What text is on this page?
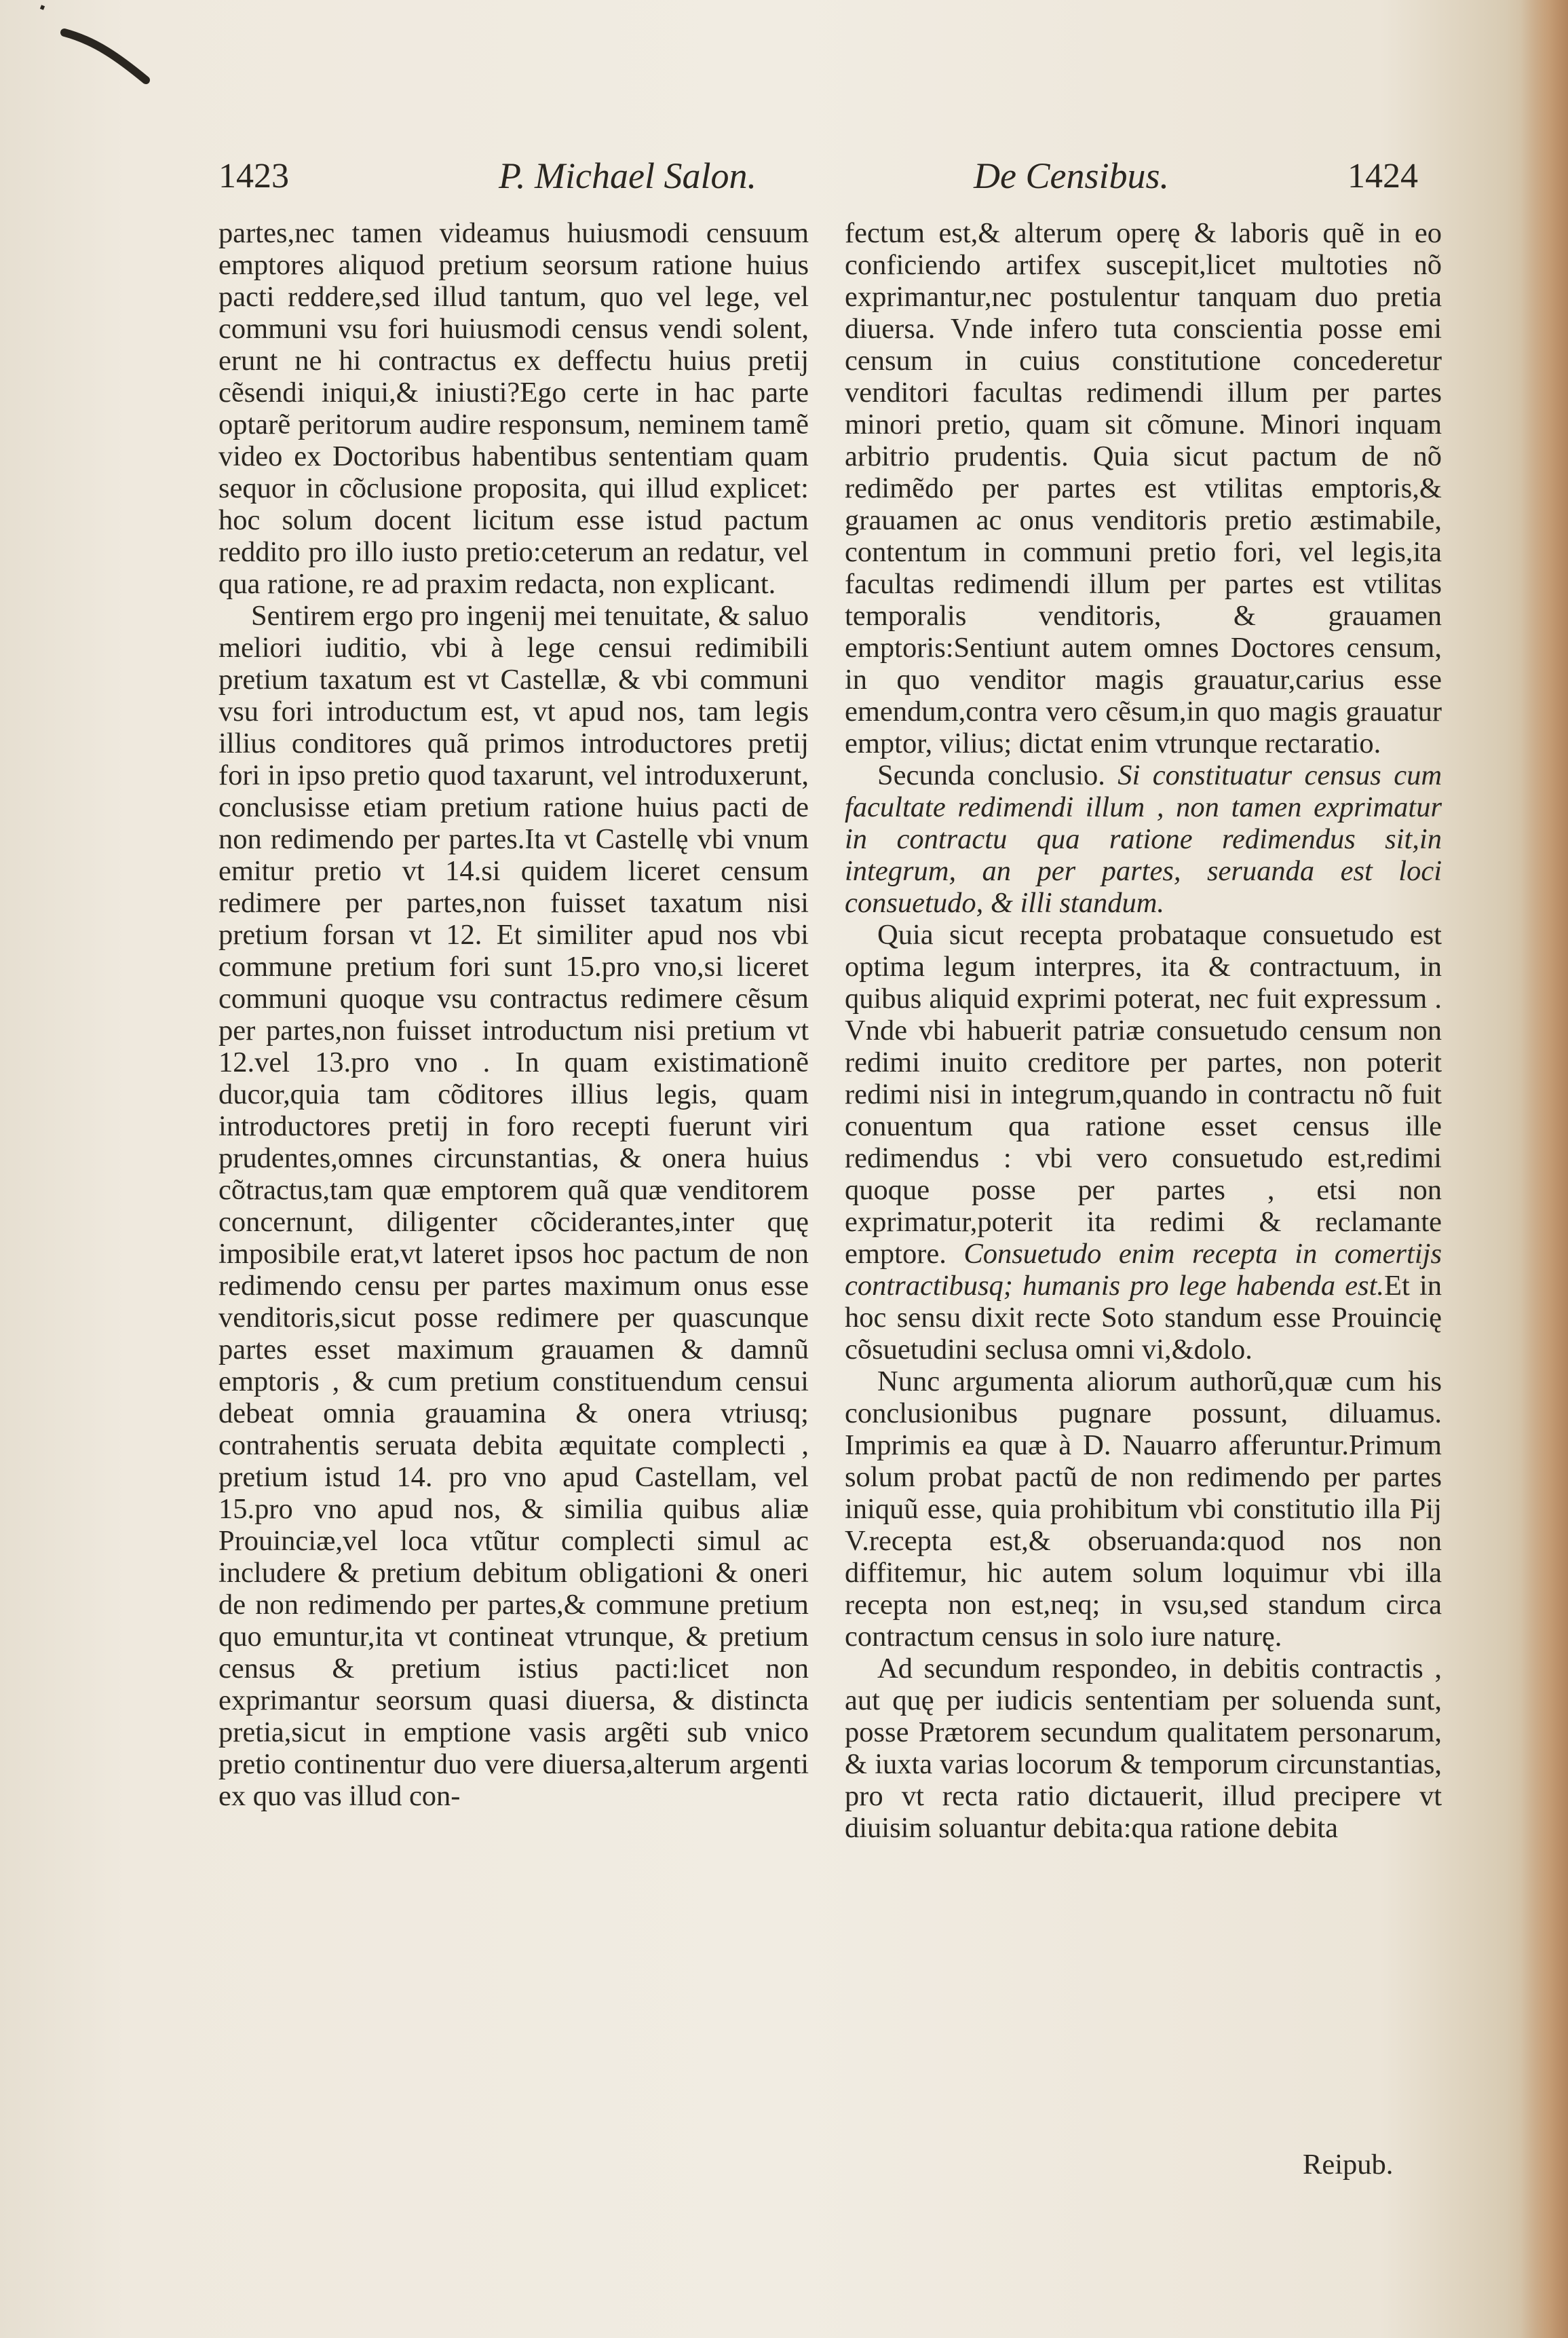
1423	P. Michael Salon.	De Censibus.	1424

partes,nec tamen videamus huiusmodi censuum emptores aliquod pretium seorsum ratione huius pacti reddere,sed illud tantum, quo vel lege, vel communi vsu fori huiusmodi census vendi solent, erunt ne hi contractus ex deffectu huius pretij cẽsendi iniqui,& iniusti?Ego certe in hac parte optarẽ peritorum audire responsum, neminem tamẽ video ex Doctoribus habentibus sententiam quam sequor in cõclusione proposita, qui illud explicet: hoc solum docent licitum esse istud pactum reddito pro illo iusto pretio:ceterum an redatur, vel qua ratione, re ad praxim redacta, non explicant.

Sentirem ergo pro ingenij mei tenuitate, & saluo meliori iuditio, vbi à lege censui redimibili pretium taxatum est vt Castellæ, & vbi communi vsu fori introductum est, vt apud nos, tam legis illius conditores quã primos introductores pretij fori in ipso pretio quod taxarunt, vel introduxerunt, conclusisse etiam pretium ratione huius pacti de non redimendo per partes.Ita vt Castellę vbi vnum emitur pretio vt 14.si quidem liceret censum redimere per partes,non fuisset taxatum nisi pretium forsan vt 12. Et similiter apud nos vbi commune pretium fori sunt 15.pro vno,si liceret communi quoque vsu contractus redimere cẽsum per partes,non fuisset introductum nisi pretium vt 12.vel 13.pro vno . In quam existimationẽ ducor,quia tam cõditores illius legis, quam introductores pretij in foro recepti fuerunt viri prudentes,omnes circunstantias, & onera huius cõtractus,tam quæ emptorem quã quæ venditorem concernunt, diligenter cõciderantes,inter quę imposibile erat,vt lateret ipsos hoc pactum de non redimendo censu per partes maximum onus esse venditoris,sicut posse redimere per quascunque partes esset maximum grauamen & damnũ emptoris , & cum pretium constituendum censui debeat omnia grauamina & onera vtriusq; contrahentis seruata debita æquitate complecti , pretium istud 14. pro vno apud Castellam, vel 15.pro vno apud nos, & similia quibus aliæ Prouinciæ,vel loca vtũtur complecti simul ac includere & pretium debitum obligationi & oneri de non redimendo per partes,& commune pretium quo emuntur,ita vt contineat vtrunque, & pretium census & pretium istius pacti:licet non exprimantur seorsum quasi diuersa, & distincta pretia,sicut in emptione vasis argẽti sub vnico pretio continentur duo vere diuersa,alterum argenti ex quo vas illud con-

fectum est,& alterum operę & laboris quẽ in eo conficiendo artifex suscepit,licet multoties nõ exprimantur,nec postulentur tanquam duo pretia diuersa. Vnde infero tuta conscientia posse emi censum in cuius constitutione concederetur venditori facultas redimendi illum per partes minori pretio, quam sit cõmune. Minori inquam arbitrio prudentis. Quia sicut pactum de nõ redimẽdo per partes est vtilitas emptoris,& grauamen ac onus venditoris pretio æstimabile, contentum in communi pretio fori, vel legis,ita facultas redimendi illum per partes est vtilitas temporalis venditoris, & grauamen emptoris:Sentiunt autem omnes Doctores censum, in quo venditor magis grauatur,carius esse emendum,contra vero cẽsum,in quo magis grauatur emptor, vilius; dictat enim vtrunque rectaratio.

Secunda conclusio. Si constituatur census cum facultate redimendi illum , non tamen exprimatur in contractu qua ratione redimendus sit,in integrum, an per partes, seruanda est loci consuetudo, & illi standum.

Quia sicut recepta probataque consuetudo est optima legum interpres, ita & contractuum, in quibus aliquid exprimi poterat, nec fuit expressum . Vnde vbi habuerit patriæ consuetudo censum non redimi inuito creditore per partes, non poterit redimi nisi in integrum,quando in contractu nõ fuit conuentum qua ratione esset census ille redimendus : vbi vero consuetudo est,redimi quoque posse per partes , etsi non exprimatur,poterit ita redimi & reclamante emptore. Consuetudo enim recepta in comertijs contractibusq; humanis pro lege habenda est.Et in hoc sensu dixit recte Soto standum esse Prouincię cõsuetudini seclusa omni vi,&dolo.

Nunc argumenta aliorum authorũ,quæ cum his conclusionibus pugnare possunt, diluamus. Imprimis ea quæ à D. Nauarro afferuntur.Primum solum probat pactũ de non redimendo per partes iniquũ esse, quia prohibitum vbi constitutio illa Pij V.recepta est,& obseruanda:quod nos non diffitemur, hic autem solum loquimur vbi illa recepta non est,neq; in vsu,sed standum circa contractum census in solo iure naturę.

Ad secundum respondeo, in debitis contractis , aut quę per iudicis sententiam per soluenda sunt, posse Prætorem secundum qualitatem personarum, & iuxta varias locorum & temporum circunstantias, pro vt recta ratio dictauerit, illud precipere vt diuisim soluantur debita:qua ratione debita

Reipub.
